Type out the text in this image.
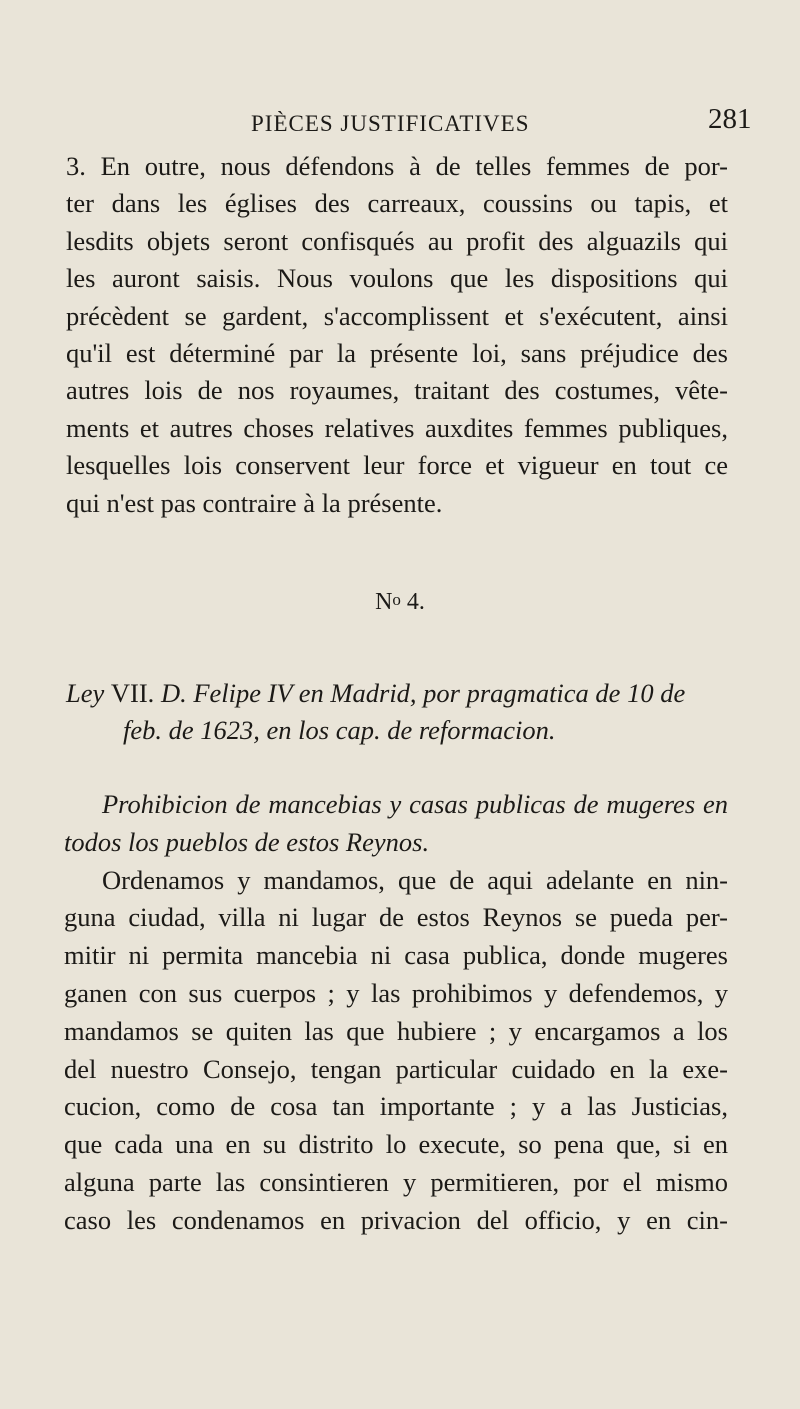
PIÈCES JUSTIFICATIVES	281
3. En outre, nous défendons à de telles femmes de por-
ter dans les églises des carreaux, coussins ou tapis, et
lesdits objets seront confisqués au profit des alguazils qui
les auront saisis. Nous voulons que les dispositions qui
précèdent se gardent, s'accomplissent et s'exécutent, ainsi
qu'il est déterminé par la présente loi, sans préjudice des
autres lois de nos royaumes, traitant des costumes, vête-
ments et autres choses relatives auxdites femmes publiques,
lesquelles lois conservent leur force et vigueur en tout ce
qui n'est pas contraire à la présente.
$N^o$ 4.
Ley VII. D. Felipe IV en Madrid, por pragmatica de 10 de
feb. de 1623, en los cap. de reformacion.
Prohibicion de mancebias y casas publicas de mugeres en
todos los pueblos de estos Reynos.
Ordenamos y mandamos, que de aqui adelante en nin-
guna ciudad, villa ni lugar de estos Reynos se pueda per-
mitir ni permita mancebia ni casa publica, donde mugeres
ganen con sus cuerpos ; y las prohibimos y defendemos, y
mandamos se quiten las que hubiere ; y encargamos a los
del nuestro Consejo, tengan particular cuidado en la exe-
cucion, como de cosa tan importante ; y a las Justicias,
que cada una en su distrito lo execute, so pena que, si en
alguna parte las consintieren y permitieren, por el mismo
caso les condenamos en privacion del officio, y en cin-
